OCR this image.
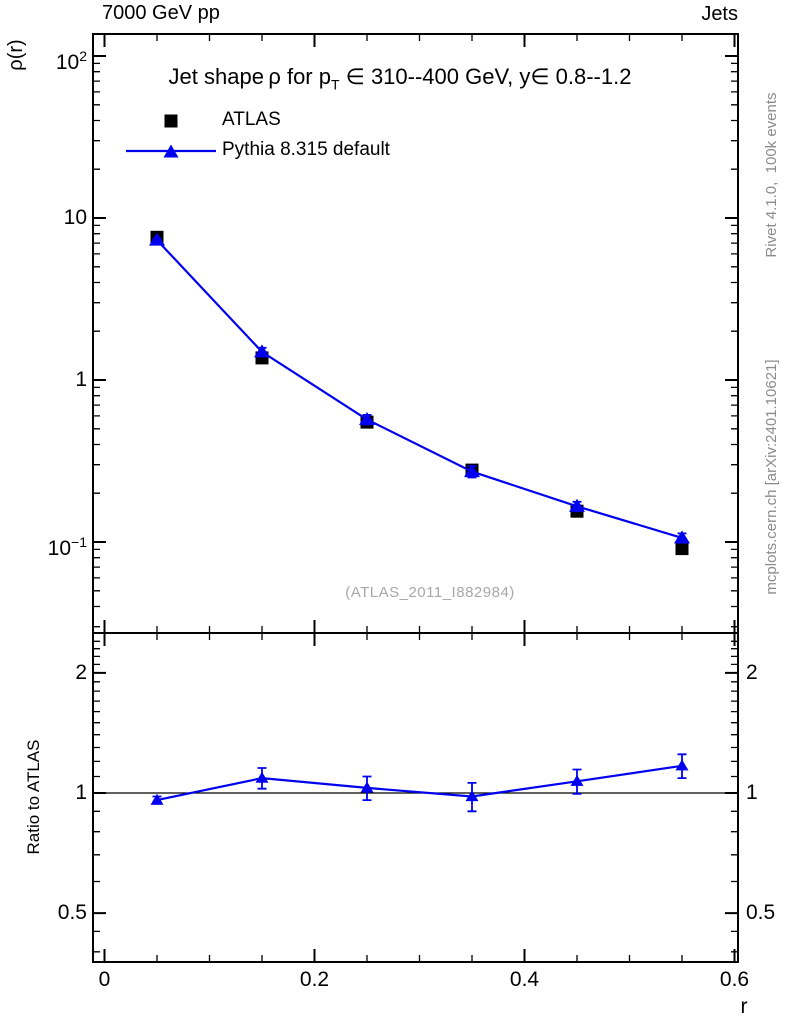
7000 GeV pp	Jets
Jet shape ρ for $p_T$ ∈ 310--400 GeV, y∈ 0.8--1.2
ρ(r)
Ratio to ATLAS
r
ATLAS
Pythia 8.315 default
(ATLAS_2011_I882984)
Rivet 4.1.0,  100k events
mcplots.cern.ch [arXiv:2401.10621]
0	0.2	0.4	0.6
$10^2$
10
1
$10^{-1}$
2	2
1	1
0.5	0.5
